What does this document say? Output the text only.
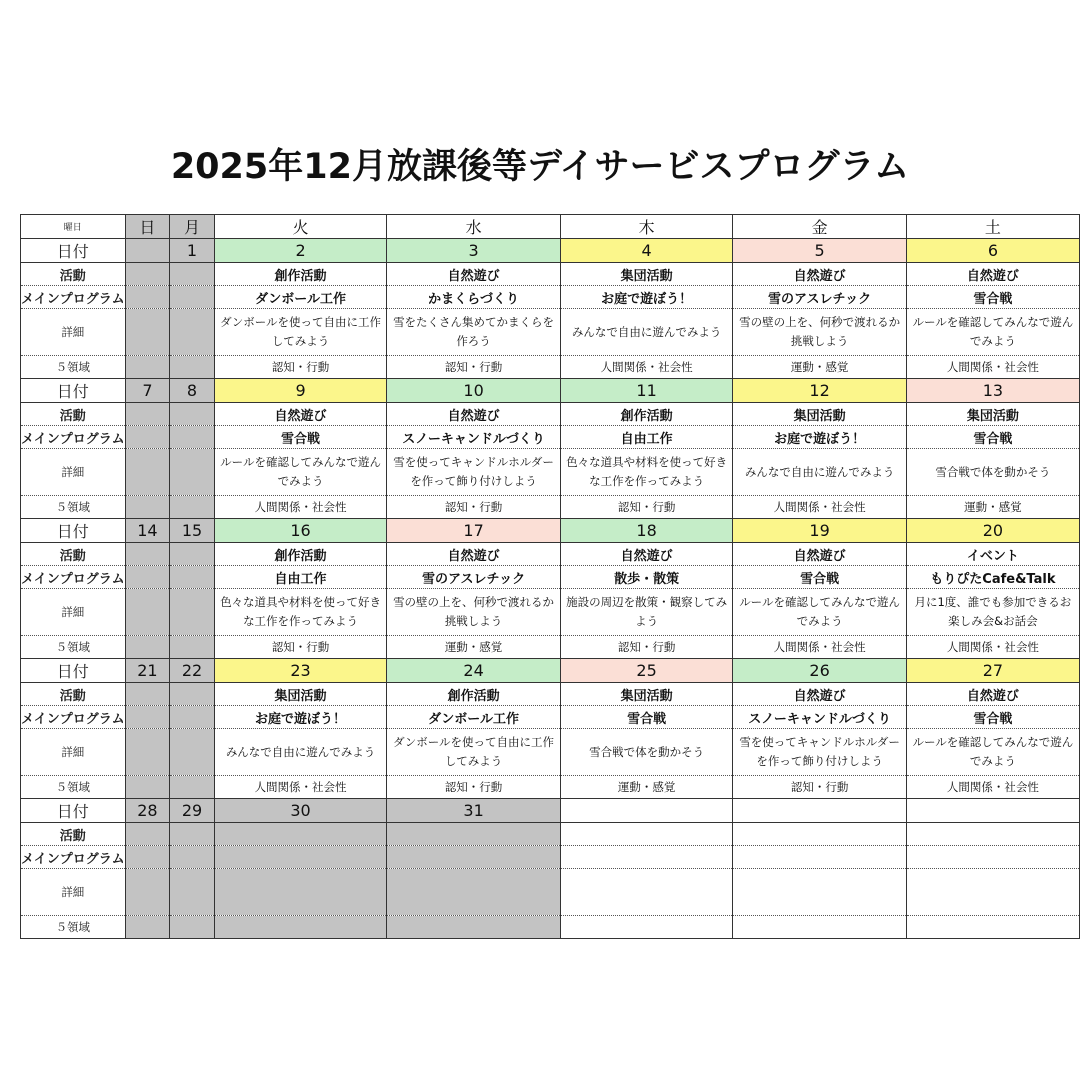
2025年12月放課後等デイサービスプログラム
曜日	日	月	火	水	木	金	土
日付		1	2	3	4	5	6
活動			創作活動	自然遊び	集団活動	自然遊び	自然遊び
メインプログラム			ダンボール工作	かまくらづくり	お庭で遊ぼう！	雪のアスレチック	雪合戦
詳細			ダンボールを使って自由に工作してみよう	雪をたくさん集めてかまくらを作ろう	みんなで自由に遊んでみよう	雪の壁の上を、何秒で渡れるか挑戦しよう	ルールを確認してみんなで遊んでみよう

５領域			認知・行動	認知・行動	人間関係・社会性	運動・感覚	人間関係・社会性
日付	7	8	9	10	11	12	13
活動			自然遊び	自然遊び	創作活動	集団活動	集団活動
メインプログラム			雪合戦	スノーキャンドルづくり	自由工作	お庭で遊ぼう！	雪合戦
詳細			ルールを確認してみんなで遊んでみよう	雪を使ってキャンドルホルダーを作って飾り付けしよう	色々な道具や材料を使って好きな工作を作ってみよう	みんなで自由に遊んでみよう	雪合戦で体を動かそう

５領域			人間関係・社会性	認知・行動	認知・行動	人間関係・社会性	運動・感覚
日付	14	15	16	17	18	19	20
活動			創作活動	自然遊び	自然遊び	自然遊び	イベント
メインプログラム			自由工作	雪のアスレチック	散歩・散策	雪合戦	もりぴたCafe&Talk
詳細			色々な道具や材料を使って好きな工作を作ってみよう	雪の壁の上を、何秒で渡れるか挑戦しよう	施設の周辺を散策・観察してみよう	ルールを確認してみんなで遊んでみよう	月に1度、誰でも参加できるお楽しみ会&お話会

５領域			認知・行動	運動・感覚	認知・行動	人間関係・社会性	人間関係・社会性
日付	21	22	23	24	25	26	27
活動			集団活動	創作活動	集団活動	自然遊び	自然遊び
メインプログラム			お庭で遊ぼう！	ダンボール工作	雪合戦	スノーキャンドルづくり	雪合戦
詳細			みんなで自由に遊んでみよう	ダンボールを使って自由に工作してみよう	雪合戦で体を動かそう	雪を使ってキャンドルホルダーを作って飾り付けしよう	ルールを確認してみんなで遊んでみよう

５領域			人間関係・社会性	認知・行動	運動・感覚	認知・行動	人間関係・社会性
日付	28	29	30	31			
活動							
メインプログラム							
詳細			

５領域							
